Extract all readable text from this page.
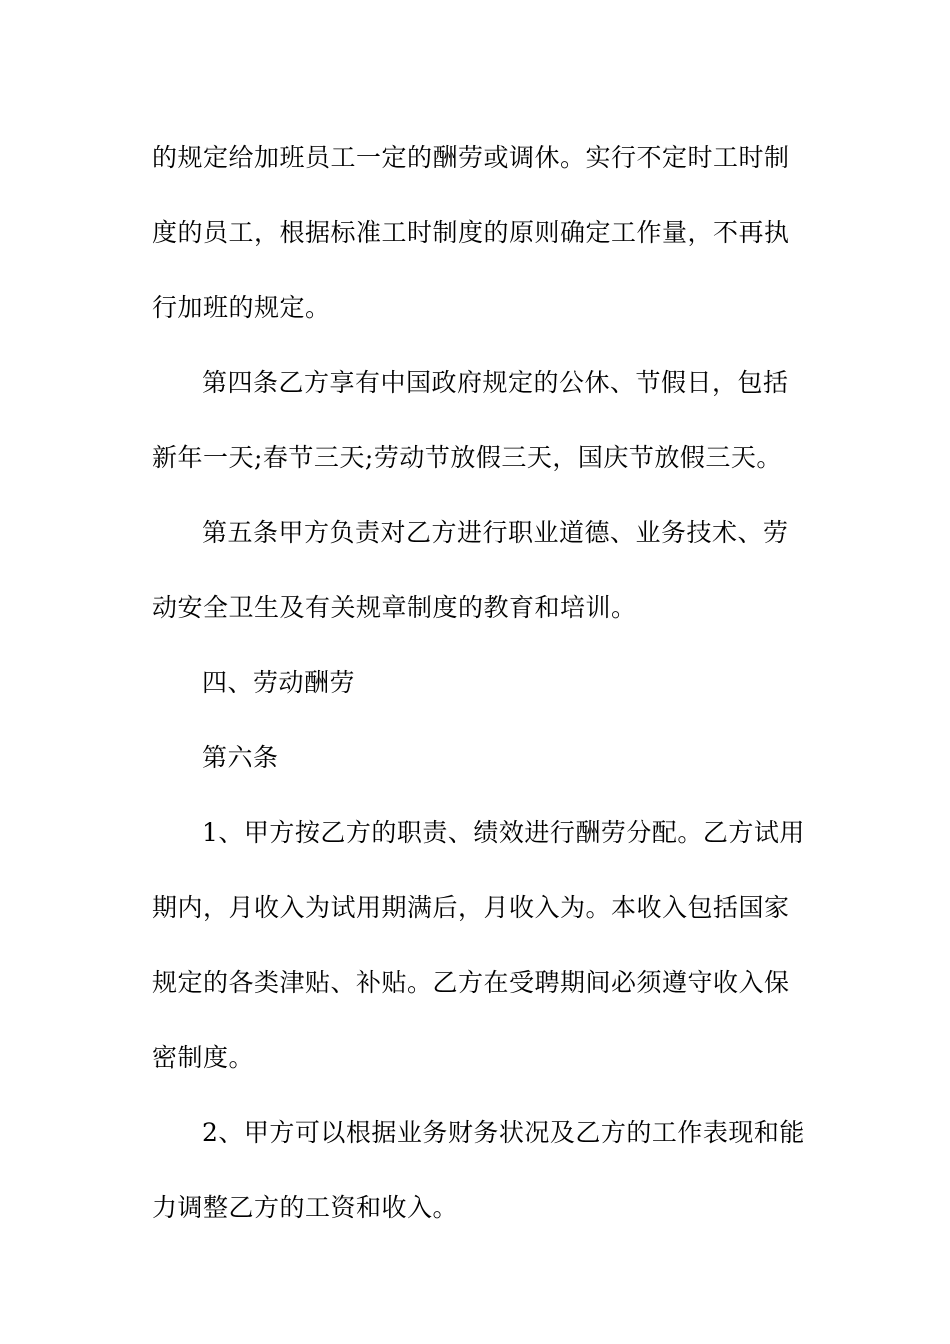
的规定给加班员工一定的酬劳或调休。实行不定时工时制度的员工，根据标准工时制度的原则确定工作量，不再执行加班的规定。

第四条乙方享有中国政府规定的公休、节假日，包括新年一天;春节三天;劳动节放假三天，国庆节放假三天。

第五条甲方负责对乙方进行职业道德、业务技术、劳动安全卫生及有关规章制度的教育和培训。

四、劳动酬劳

第六条

1、甲方按乙方的职责、绩效进行酬劳分配。乙方试用期内，月收入为试用期满后，月收入为。本收入包括国家规定的各类津贴、补贴。乙方在受聘期间必须遵守收入保密制度。

2、甲方可以根据业务财务状况及乙方的工作表现和能力调整乙方的工资和收入。
